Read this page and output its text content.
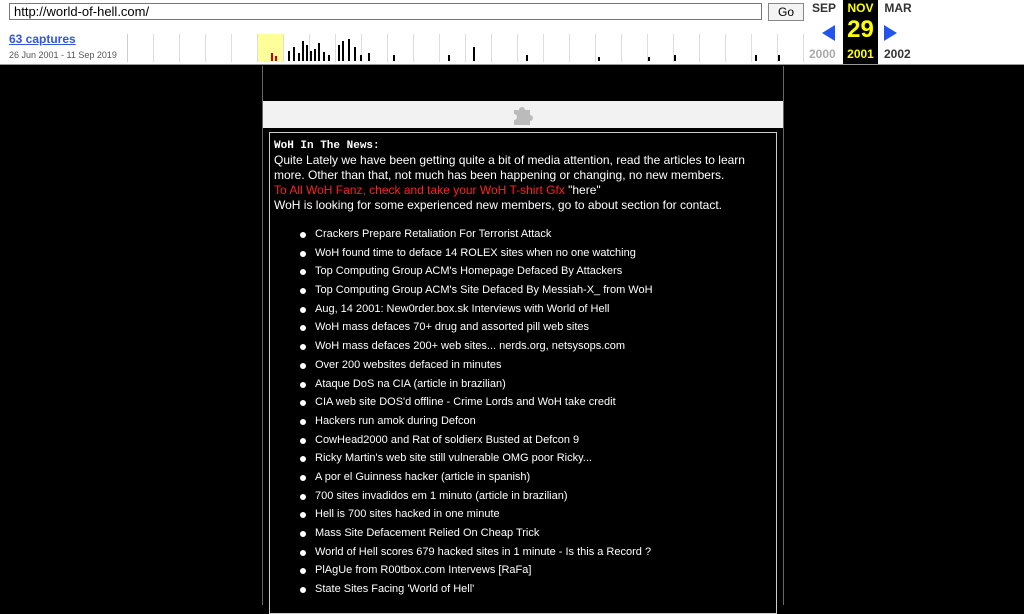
http://world-of-hell.com/	Go
63 captures
26 Jun 2001 - 11 Sep 2019
SEP	MAR
NOV
29
2001
2000	2002
WoH In The News:
Quite Lately we have been getting quite a bit of media attention, read the articles to learn more. Other than that, not much has been happening or changing, no new members.
To All WoH Fanz, check and take your WoH T-shirt Gfx "here"
WoH is looking for some experienced new members, go to about section for contact.
Crackers Prepare Retaliation For Terrorist Attack
WoH found time to deface 14 ROLEX sites when no one watching
Top Computing Group ACM's Homepage Defaced By Attackers
Top Computing Group ACM's Site Defaced By Messiah-X_ from WoH
Aug, 14 2001: New0rder.box.sk Interviews with World of Hell
WoH mass defaces 70+ drug and assorted pill web sites
WoH mass defaces 200+ web sites... nerds.org, netsysops.com
Over 200 websites defaced in minutes
Ataque DoS na CIA (article in brazilian)
CIA web site DOS'd offline - Crime Lords and WoH take credit
Hackers run amok during Defcon
CowHead2000 and Rat of soldierx Busted at Defcon 9
Ricky Martin's web site still vulnerable OMG poor Ricky...
A por el Guinness hacker (article in spanish)
700 sites invadidos em 1 minuto (article in brazilian)
Hell is 700 sites hacked in one minute
Mass Site Defacement Relied On Cheap Trick
World of Hell scores 679 hacked sites in 1 minute - Is this a Record ?
PlAgUe from R00tbox.com Intervews [RaFa]
State Sites Facing 'World of Hell'
